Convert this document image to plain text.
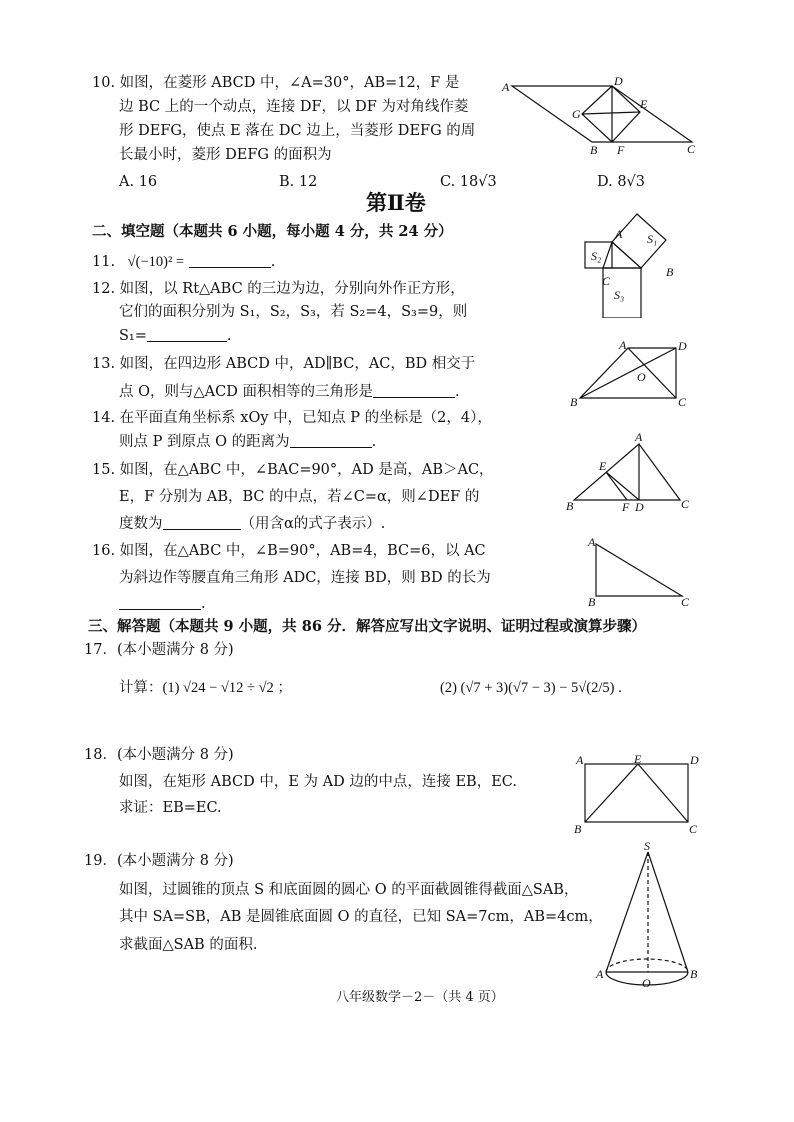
10. 如图，在菱形 ABCD 中，∠A=30°，AB=12，F 是
边 BC 上的一个动点，连接 DF，以 DF 为对角线作菱
形 DEFG，使点 E 落在 DC 边上，当菱形 DEFG 的周
长最小时，菱形 DEFG 的面积为
A. 16	B. 12	C. 18√3	D. 8√3
A	D
G
E
B F	C
第Ⅱ卷
二、填空题（本题共 6 小题，每小题 4 分，共 24 分）
11. √(−10)² =	.
A S₁
S₂
B
C
S₃
12. 如图，以 Rt△ABC 的三边为边，分别向外作正方形，
它们的面积分别为 S₁，S₂，S₃，若 S₂=4，S₃=9，则
S₁=	.
13. 如图，在四边形 ABCD 中，AD∥BC，AC，BD 相交于
点 O，则与△ACD 面积相等的三角形是	.
A	D
O
B	C
14. 在平面直角坐标系 xOy 中，已知点 P 的坐标是（2，4），
则点 P 到原点 O 的距离为	.
15. 如图，在△ABC 中，∠BAC=90°，AD 是高，AB＞AC，
E，F 分别为 AB，BC 的中点，若∠C=α，则∠DEF 的
度数为	（用含α的式子表示）.
A
E
B	F D	C
16. 如图，在△ABC 中，∠B=90°，AB=4，BC=6，以 AC
为斜边作等腰直角三角形 ADC，连接 BD，则 BD 的长为
.
A
B	C
三、解答题（本题共 9 小题，共 86 分．解答应写出文字说明、证明过程或演算步骤）
17．(本小题满分 8 分)
计算：(1) √24 − √12 ÷ √2 ；	(2) (√7 + 3)(√7 − 3) − 5√(2/5) .
18．(本小题满分 8 分)
如图，在矩形 ABCD 中，E 为 AD 边的中点，连接 EB，EC.
求证：EB=EC.
A	E	D
B	C
19．(本小题满分 8 分)
如图，过圆锥的顶点 S 和底面圆的圆心 O 的平面截圆锥得截面△SAB，
其中 SA=SB，AB 是圆锥底面圆 O 的直径，已知 SA=7cm，AB=4cm，
求截面△SAB 的面积.
S
A
O
B
八年级数学－2－（共 4 页）
